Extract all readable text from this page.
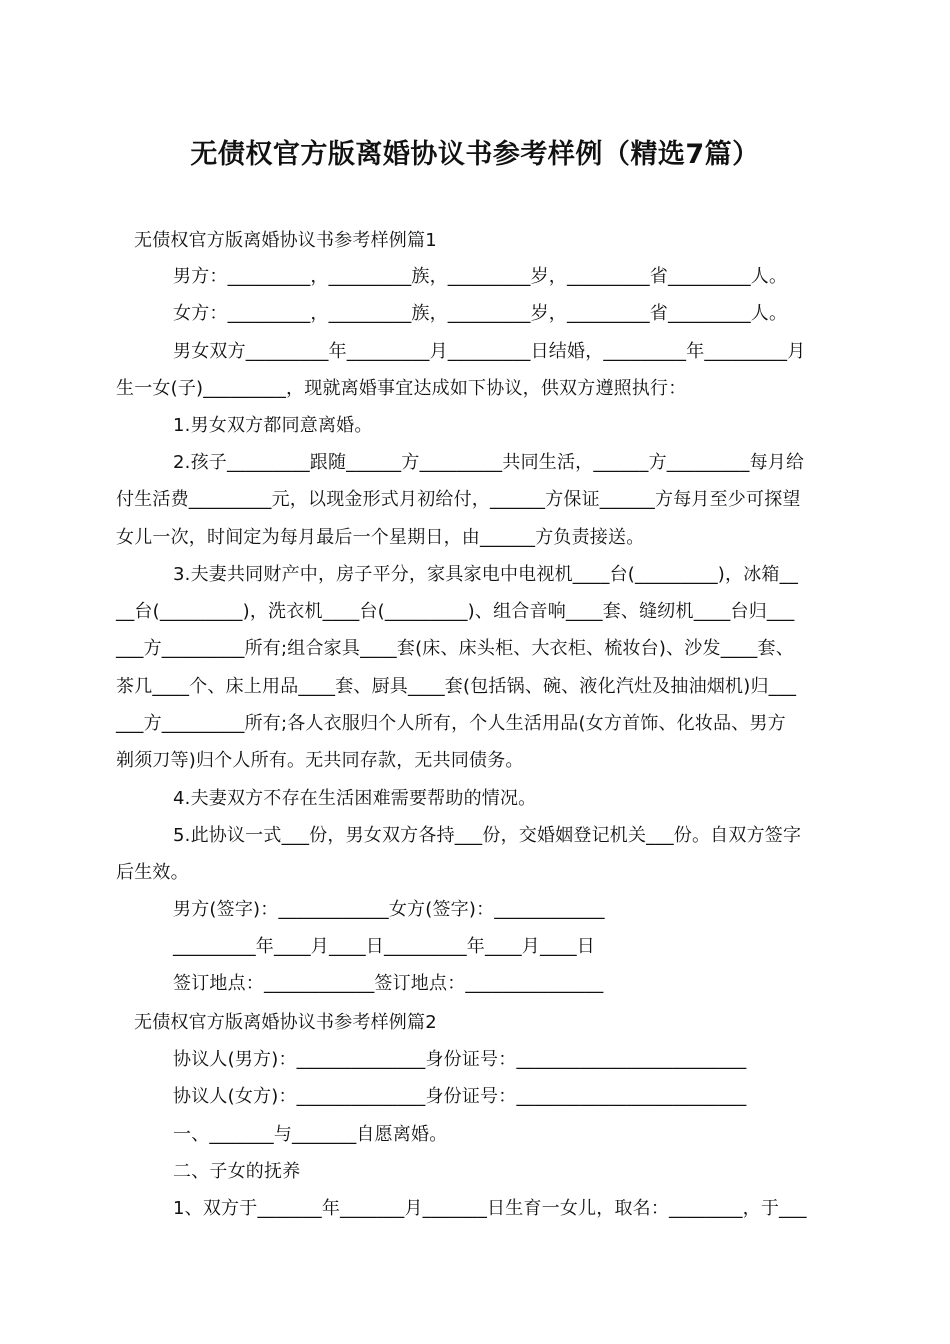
无债权官方版离婚协议书参考样例（精选7篇）
无债权官方版离婚协议书参考样例篇1
男方：_________，_________族，_________岁，_________省_________人。
女方：_________，_________族，_________岁，_________省_________人。
男女双方_________年_________月_________日结婚，_________年_________月
生一女(子)_________，现就离婚事宜达成如下协议，供双方遵照执行：
1.男女双方都同意离婚。
2.孩子_________跟随______方_________共同生活，______方_________每月给
付生活费_________元，以现金形式月初给付，______方保证______方每月至少可探望
女儿一次，时间定为每月最后一个星期日，由______方负责接送。
3.夫妻共同财产中，房子平分，家具家电中电视机____台(_________)，冰箱__
__台(_________)，洗衣机____台(_________)、组合音响____套、缝纫机____台归___
___方_________所有;组合家具____套(床、床头柜、大衣柜、梳妆台)、沙发____套、
茶几____个、床上用品____套、厨具____套(包括锅、碗、液化汽灶及抽油烟机)归___
___方_________所有;各人衣服归个人所有，个人生活用品(女方首饰、化妆品、男方
剃须刀等)归个人所有。无共同存款，无共同债务。
4.夫妻双方不存在生活困难需要帮助的情况。
5.此协议一式___份，男女双方各持___份，交婚姻登记机关___份。自双方签字
后生效。
男方(签字)：____________女方(签字)：____________
_________年____月____日_________年____月____日
签订地点：____________签订地点：_______________
无债权官方版离婚协议书参考样例篇2
协议人(男方)：______________身份证号：_________________________
协议人(女方)：______________身份证号：_________________________
一、_______与_______自愿离婚。
二、子女的抚养
1、双方于_______年_______月_______日生育一女儿，取名：________，于___
